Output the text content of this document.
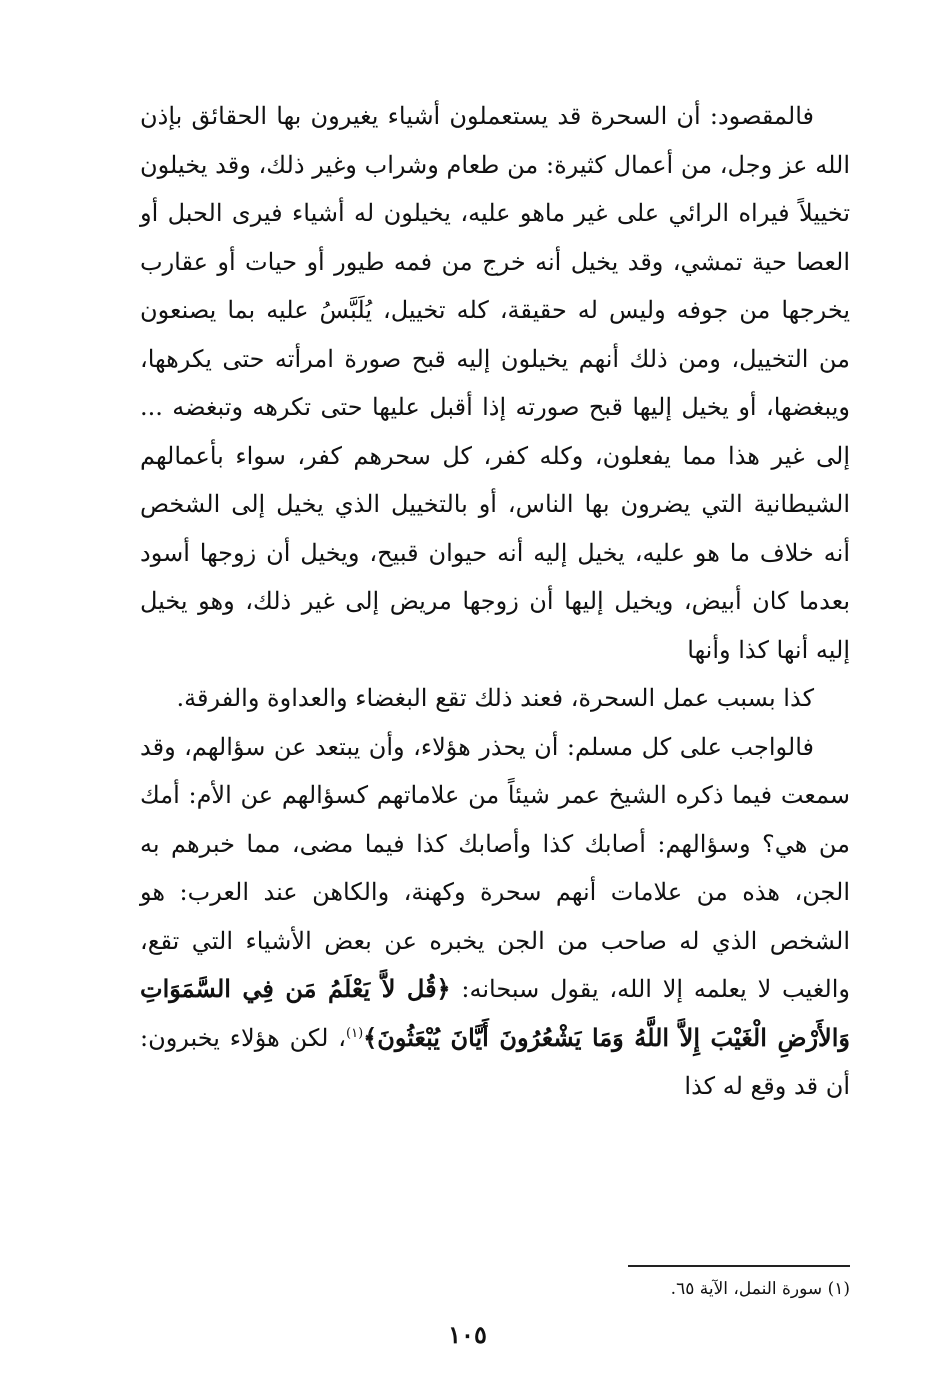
فالمقصود: أن السحرة قد يستعملون أشياء يغيرون بها الحقائق بإذن الله عز وجل، من أعمال كثيرة: من طعام وشراب وغير ذلك، وقد يخيلون تخييلاً فيراه الرائي على غير ماهو عليه، يخيلون له أشياء فيرى الحبل أو العصا حية تمشي، وقد يخيل أنه خرج من فمه طيور أو حيات أو عقارب يخرجها من جوفه وليس له حقيقة، كله تخييل، يُلَبَّسُ عليه بما يصنعون من التخييل، ومن ذلك أنهم يخيلون إليه قبح صورة امرأته حتى يكرهها، ويبغضها، أو يخيل إليها قبح صورته إذا أقبل عليها حتى تكرهه وتبغضه ... إلى غير هذا مما يفعلون، وكله كفر، كل سحرهم كفر، سواء بأعمالهم الشيطانية التي يضرون بها الناس، أو بالتخييل الذي يخيل إلى الشخص أنه خلاف ما هو عليه، يخيل إليه أنه حيوان قبيح، ويخيل أن زوجها أسود بعدما كان أبيض، ويخيل إليها أن زوجها مريض إلى غير ذلك، وهو يخيل إليه أنها كذا وأنها
كذا بسبب عمل السحرة، فعند ذلك تقع البغضاء والعداوة والفرقة.

فالواجب على كل مسلم: أن يحذر هؤلاء، وأن يبتعد عن سؤالهم، وقد سمعت فيما ذكره الشيخ عمر شيئاً من علاماتهم كسؤالهم عن الأم: أمك من هي؟ وسؤالهم: أصابك كذا وأصابك كذا فيما مضى، مما خبرهم به الجن، هذه من علامات أنهم سحرة وكهنة، والكاهن عند العرب: هو الشخص الذي له صاحب من الجن يخبره عن بعض الأشياء التي تقع، والغيب لا يعلمه إلا الله، يقول سبحانه: ﴿قُل لاَّ يَعْلَمُ مَن فِي السَّمَوَاتِ وَالأَرْضِ الْغَيْبَ إِلاَّ اللَّهُ وَمَا يَشْعُرُونَ أَيَّانَ يُبْعَثُونَ﴾$^{(١)}$، لكن هؤلاء يخبرون: أن قد وقع له كذا

(١) سورة النمل، الآية ٦٥.
١٠٥
